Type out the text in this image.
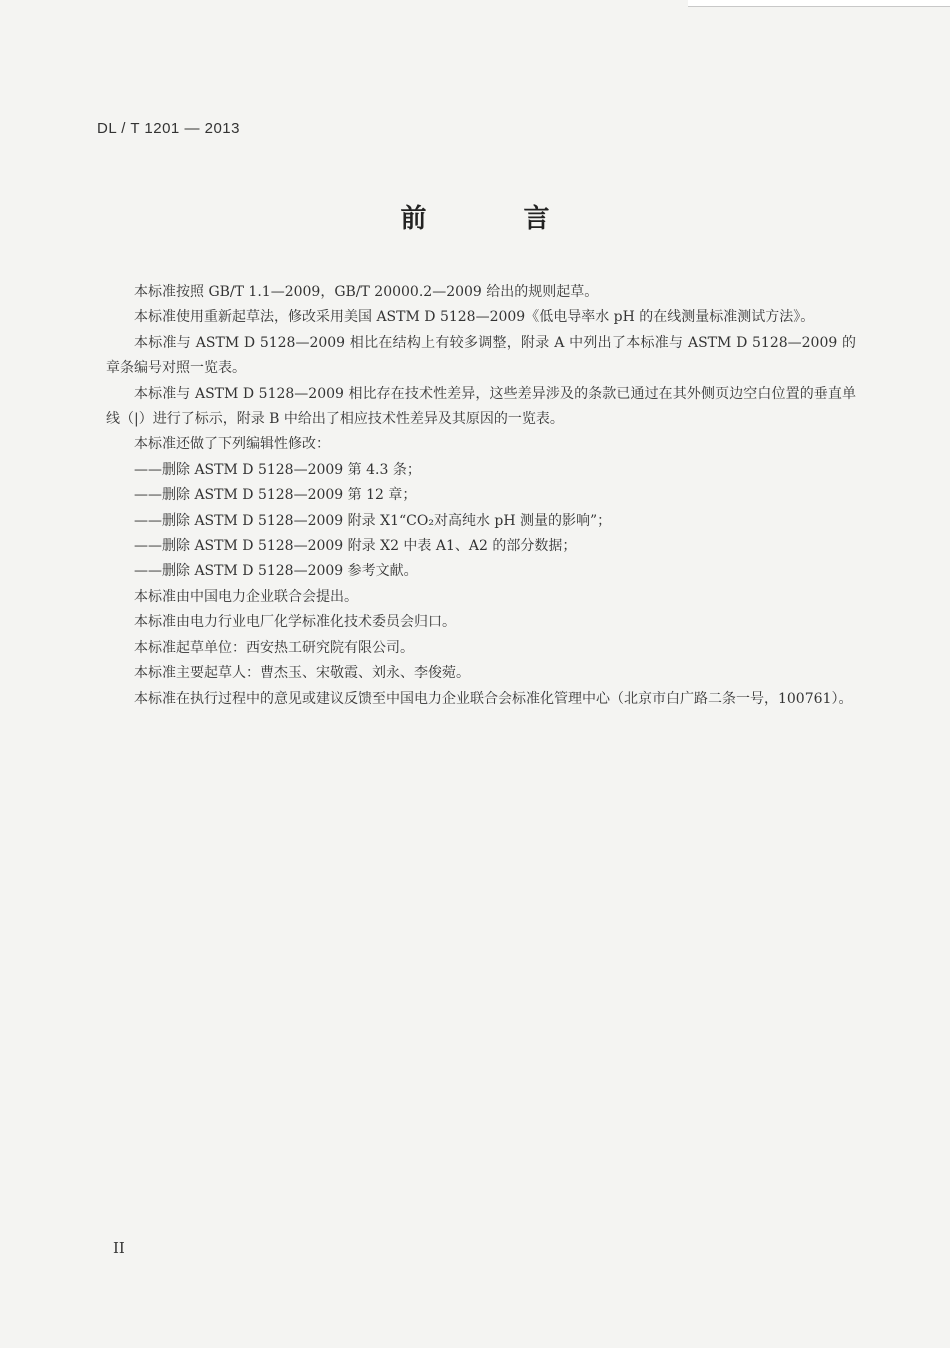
DL / T 1201 — 2013
前 言

本标准按照 GB/T 1.1—2009，GB/T 20000.2—2009 给出的规则起草。

本标准使用重新起草法，修改采用美国 ASTM D 5128—2009《低电导率水 pH 的在线测量标准测试方法》。

本标准与 ASTM D 5128—2009 相比在结构上有较多调整，附录 A 中列出了本标准与 ASTM D 5128—2009 的章条编号对照一览表。

本标准与 ASTM D 5128—2009 相比存在技术性差异，这些差异涉及的条款已通过在其外侧页边空白位置的垂直单线（|）进行了标示，附录 B 中给出了相应技术性差异及其原因的一览表。

本标准还做了下列编辑性修改：

——删除 ASTM D 5128—2009 第 4.3 条；

——删除 ASTM D 5128—2009 第 12 章；

——删除 ASTM D 5128—2009 附录 X1“CO₂对高纯水 pH 测量的影响”；

——删除 ASTM D 5128—2009 附录 X2 中表 A1、A2 的部分数据；

——删除 ASTM D 5128—2009 参考文献。

本标准由中国电力企业联合会提出。

本标准由电力行业电厂化学标准化技术委员会归口。

本标准起草单位：西安热工研究院有限公司。

本标准主要起草人：曹杰玉、宋敬霞、刘永、李俊菀。

本标准在执行过程中的意见或建议反馈至中国电力企业联合会标准化管理中心（北京市白广路二条一号，100761）。

II
